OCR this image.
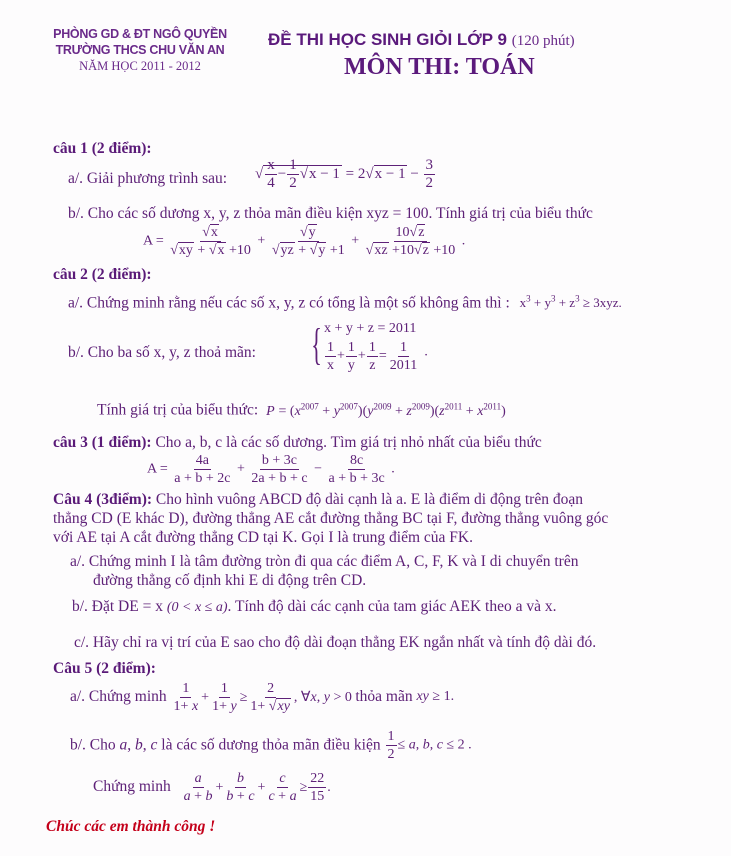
PHÒNG GD & ĐT NGÔ QUYỀN
TRƯỜNG THCS CHU VĂN AN
NĂM HỌC 2011 - 2012
ĐỀ THI HỌC SINH GIỎI LỚP 9 (120 phút)
MÔN THI: TOÁN
câu 1 (2 điểm):
a/. Giải phương trình sau:
√	$\frac{x}{4} - \frac{1}{2}$ √ x − 1 = 2 √ $x - 1 - \frac{3}{2}$
b/. Cho các số dương x, y, z thỏa mãn điều kiện xyz = 100. Tính giá trị của biểu thức
A = √ x
√ xy + √ x +10 + √ y
√ yz + √ y +1 + 10 √ z
√ xz +10 √ z +10 .
câu 2 (2 điểm):
a/. Chứng minh rằng nếu các số x, y, z có tổng là một số không âm thì : $x^3 + y^3 + z^3 \ge 3xyz$.
b/. Cho ba số x, y, z thoả mãn: { x + y + z = 2011
$\frac{1}{x} + \frac{1}{y} + \frac{1}{z} = \frac{1}{2011}$ ·
Tính giá trị của biểu thức: $P = (x^{2007} + y^{2007})(y^{2009} + z^{2009})(z^{2011} + x^{2011})$
câu 3 (1 điểm): Cho a, b, c là các số dương. Tìm giá trị nhỏ nhất của biểu thức
$A = \frac{4a}{a + b + 2c} + \frac{b + 3c}{2a + b + c} - \frac{8c}{a + b + 3c}$ .
Câu 4 (3điểm): Cho hình vuông ABCD độ dài cạnh là a. E là điểm di động trên đoạn
thẳng CD (E khác D), đường thẳng AE cắt đường thẳng BC tại F, đường thẳng vuông góc
với AE tại A cắt đường thẳng CD tại K. Gọi I là trung điểm của FK.
a/. Chứng minh I là tâm đường tròn đi qua các điểm A, C, F, K và I di chuyển trên
đường thẳng cố định khi E di động trên CD.
b/. Đặt DE = x (0 < x ≤ a). Tính độ dài các cạnh của tam giác AEK theo a và x.
c/. Hãy chỉ ra vị trí của E sao cho độ dài đoạn thẳng EK ngắn nhất và tính độ dài đó.
Câu 5 (2 điểm):
a/. Chứng minh $\frac{1}{1+ x} + \frac{1}{1+ y} \ge \frac{2}{1+ √ xy}$ , ∀x, y > 0 thỏa mãn xy ≥ 1.
b/. Cho a, b, c là các số dương thỏa mãn điều kiện $\frac{1}{2} \le a$, b, c ≤ 2 .
Chứng minh $\frac{a}{a + b} + \frac{b}{b + c} + \frac{c}{c + a} \ge \frac{22}{15}$ .
Chúc các em thành công !
